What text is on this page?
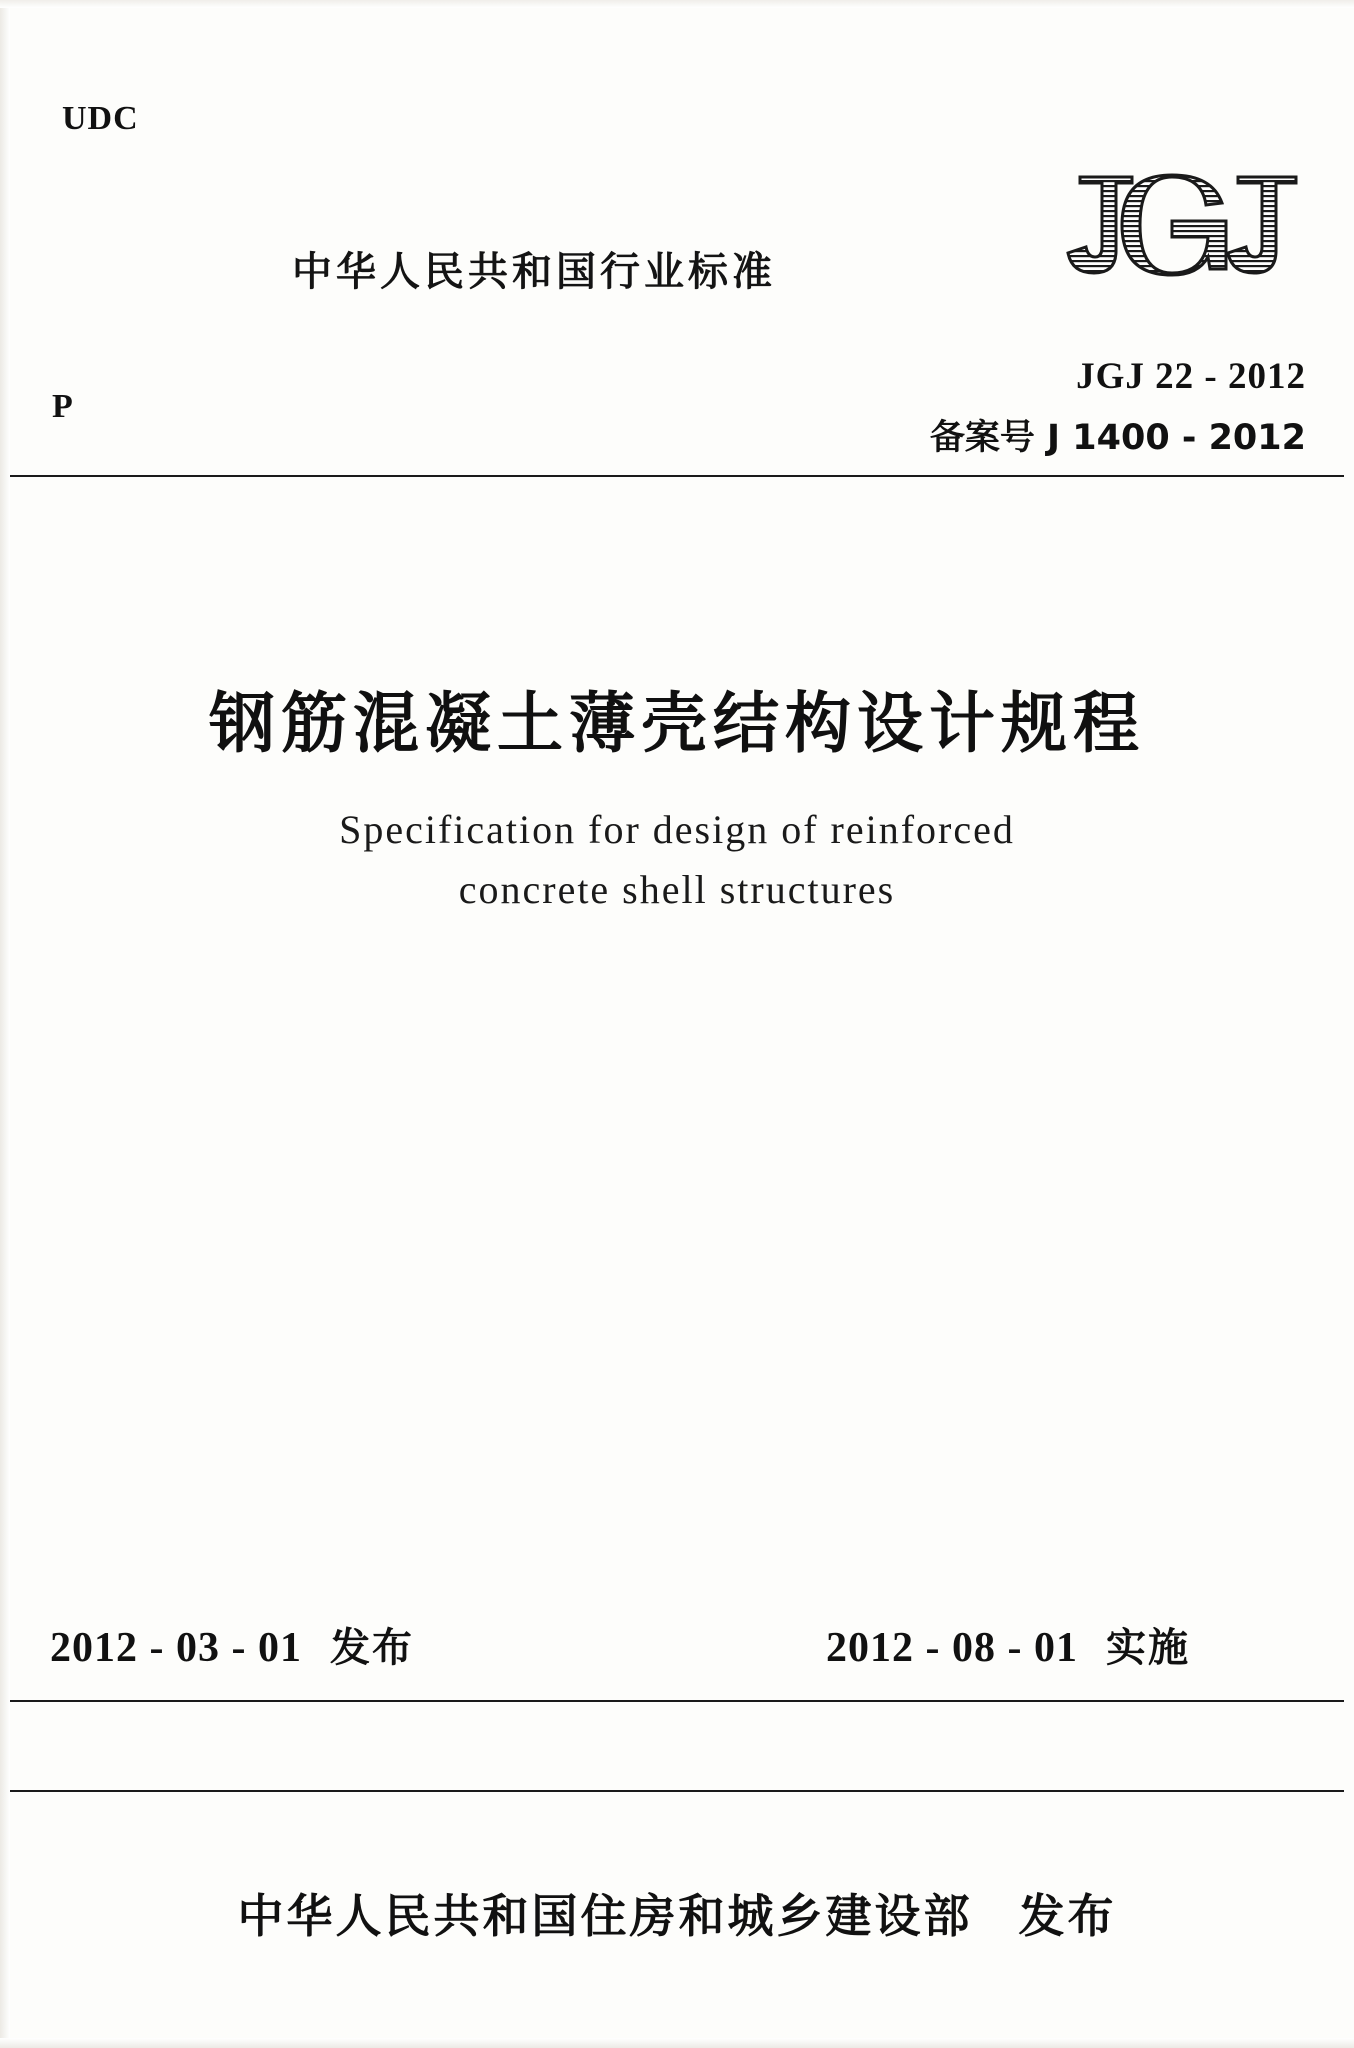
UDC
中华人民共和国行业标准
JGJ 22 - 2012
备案号 J 1400 - 2012
P
钢筋混凝土薄壳结构设计规程
Specification for design of reinforced
concrete shell structures
2012 - 03 - 01 发布	2012 - 08 - 01 实施
中华人民共和国住房和城乡建设部 发布
